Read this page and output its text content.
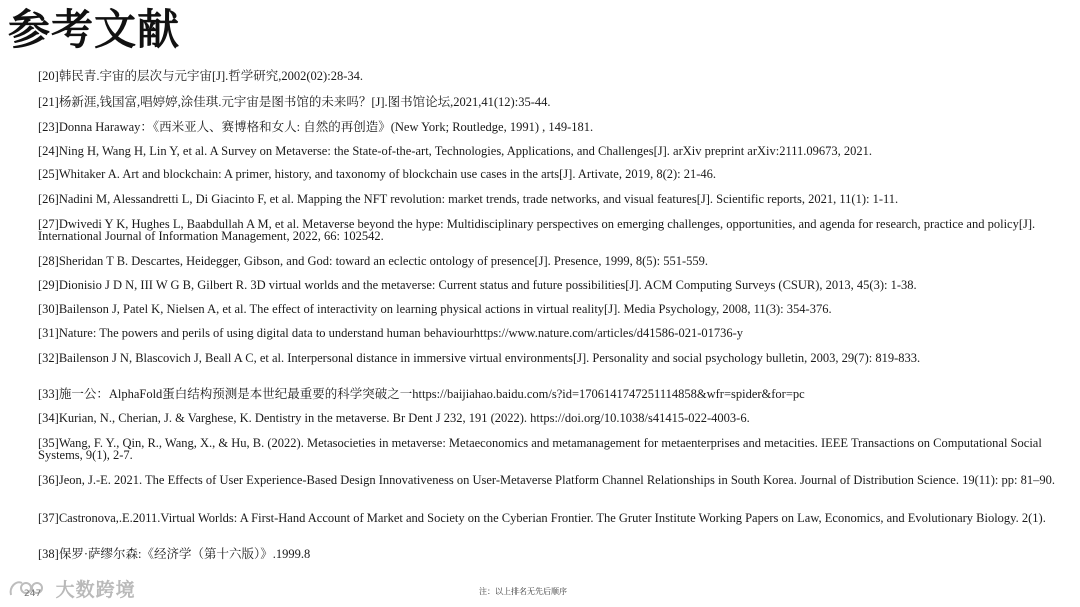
参考文献

[20]韩民青.宇宙的层次与元宇宙[J].哲学研究,2002(02):28-34.

[21]杨新涯,钱国富,唱婷婷,涂佳琪.元宇宙是图书馆的未来吗？[J].图书馆论坛,2021,41(12):35-44.

[23]Donna Haraway：《西米亚人、赛博格和女人: 自然的再创造》(New York; Routledge, 1991) , 149-181.

[24]Ning H, Wang H, Lin Y, et al. A Survey on Metaverse: the State-of-the-art, Technologies, Applications, and Challenges[J]. arXiv preprint arXiv:2111.09673, 2021.

[25]Whitaker A. Art and blockchain: A primer, history, and taxonomy of blockchain use cases in the arts[J]. Artivate, 2019, 8(2): 21-46.

[26]Nadini M, Alessandretti L, Di Giacinto F, et al. Mapping the NFT revolution: market trends, trade networks, and visual features[J]. Scientific reports, 2021, 11(1): 1-11.

[27]Dwivedi Y K, Hughes L, Baabdullah A M, et al. Metaverse beyond the hype: Multidisciplinary perspectives on emerging challenges, opportunities, and agenda for research, practice and policy[J]. International Journal of Information Management, 2022, 66: 102542.

[28]Sheridan T B. Descartes, Heidegger, Gibson, and God: toward an eclectic ontology of presence[J]. Presence, 1999, 8(5): 551-559.

[29]Dionisio J D N, III W G B, Gilbert R. 3D virtual worlds and the metaverse: Current status and future possibilities[J]. ACM Computing Surveys (CSUR), 2013, 45(3): 1-38.

[30]Bailenson J, Patel K, Nielsen A, et al. The effect of interactivity on learning physical actions in virtual reality[J]. Media Psychology, 2008, 11(3): 354-376.

[31]Nature: The powers and perils of using digital data to understand human behaviourhttps://www.nature.com/articles/d41586-021-01736-y

[32]Bailenson J N, Blascovich J, Beall A C, et al. Interpersonal distance in immersive virtual environments[J]. Personality and social psychology bulletin, 2003, 29(7): 819-833.

[33]施一公：AlphaFold蛋白结构预测是本世纪最重要的科学突破之一https://baijiahao.baidu.com/s?id=1706141747251114858&wfr=spider&for=pc

[34]Kurian, N., Cherian, J. & Varghese, K. Dentistry in the metaverse. Br Dent J 232, 191 (2022). https://doi.org/10.1038/s41415-022-4003-6.

[35]Wang, F. Y., Qin, R., Wang, X., & Hu, B. (2022). Metasocieties in metaverse: Metaeconomics and metamanagement for metaenterprises and metacities. IEEE Transactions on Computational Social Systems, 9(1), 2-7.

[36]Jeon, J.-E. 2021. The Effects of User Experience-Based Design Innovativeness on User-Metaverse Platform Channel Relationships in South Korea. Journal of Distribution Science. 19(11): pp: 81–90.

[37]Castronova,.E.2011.Virtual Worlds: A First-Hand Account of Market and Society on the Cyberian Frontier. The Gruter Institute Working Papers on Law, Economics, and Evolutionary Biology. 2(1).

[38]保罗·萨缪尔森:《经济学（第十六版）》.1999.8

大数跨境
247	注：以上排名无先后顺序
